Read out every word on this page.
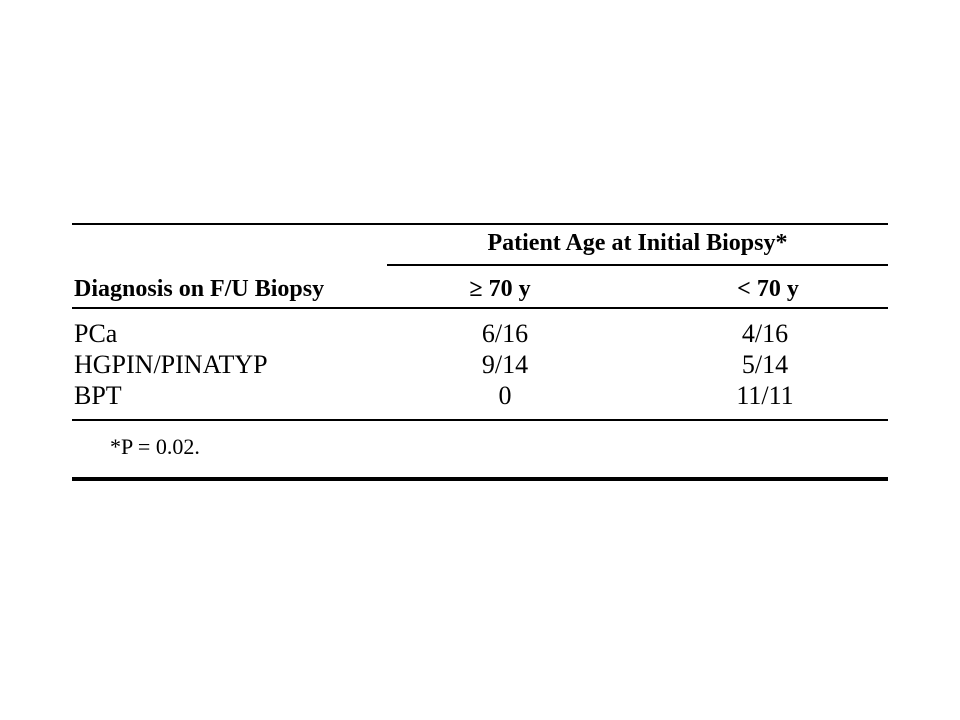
Patient Age at Initial Biopsy*
Diagnosis on F/U Biopsy	≥ 70 y	< 70 y
PCa	6/16	4/16
HGPIN/PINATYP	9/14	5/14
BPT	0	11/11
*P = 0.02.
